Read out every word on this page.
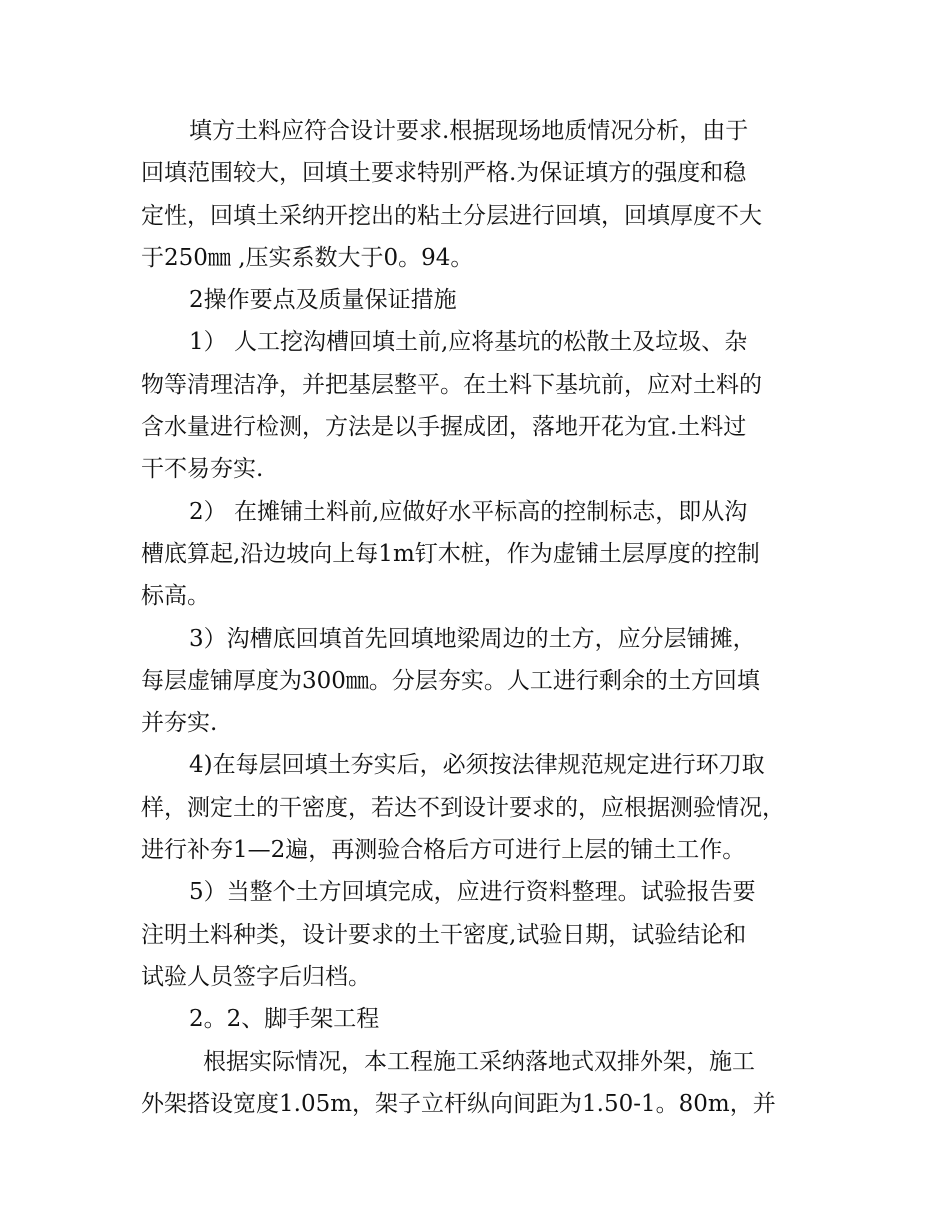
填方土料应符合设计要求.根据现场地质情况分析，由于
回填范围较大，回填土要求特别严格.为保证填方的强度和稳
定性，回填土采纳开挖出的粘土分层进行回填，回填厚度不大
于250㎜ ,压实系数大于0。94。
2操作要点及质量保证措施
1） 人工挖沟槽回填土前,应将基坑的松散土及垃圾、杂
物等清理洁净，并把基层整平。在土料下基坑前，应对土料的
含水量进行检测，方法是以手握成团，落地开花为宜.土料过
干不易夯实.
2） 在摊铺土料前,应做好水平标高的控制标志，即从沟
槽底算起,沿边坡向上每1m钉木桩，作为虚铺土层厚度的控制
标高。
3）沟槽底回填首先回填地梁周边的土方，应分层铺摊，
每层虚铺厚度为300㎜。分层夯实。人工进行剩余的土方回填
并夯实.
4)在每层回填土夯实后，必须按法律规范规定进行环刀取
样，测定土的干密度，若达不到设计要求的，应根据测验情况，
进行补夯1—2遍，再测验合格后方可进行上层的铺土工作。
5）当整个土方回填完成，应进行资料整理。试验报告要
注明土料种类，设计要求的土干密度,试验日期，试验结论和
试验人员签字后归档。
2。2、脚手架工程
根据实际情况，本工程施工采纳落地式双排外架，施工
外架搭设宽度1.05m，架子立杆纵向间距为1.50-1。80m，并
